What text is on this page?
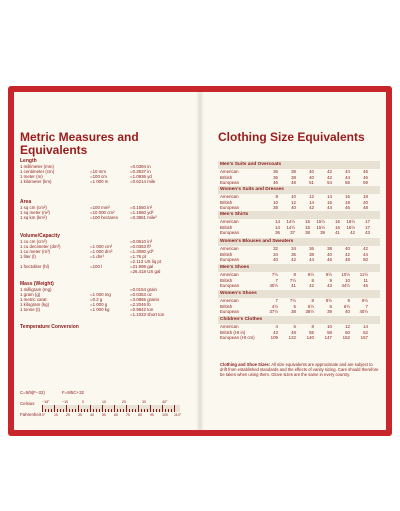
Metric Measures and
Equivalents
Length
1 millimeter (mm)	=0.0394 in
1 centimeter (cm)	=10 mm	=0.3937 in
1 meter (m)	=100 cm	=1.0936 yd
1 kilometer (km)	=1 000 m	=0.6214 mile
Area
1 sq cm (cm²)	=100 mm²	=0.1550 in²
1 sq meter (m²)	=10 000 cm²	=1.1960 yd²
1 sq km (km²)	=100 hectares	=0.3861 mile²
Volume/Capacity
1 cu cm (cm³)	=0.0610 in³
1 cu decimeter (dm³)	=1 000 cm³	=0.0353 ft³
1 cu meter (m³)	=1 000 dm³	=1.3080 yd³
1 liter (l)	=1 dm³	=1.76 pt
=2.113 US liq pt
1 hectoliter (hl)	=100 l	=21.998 gal
=26.418 US gal
Mass (Weight)
1 milligram (mg)	=0.0154 grain
1 gram (g)	=1 000 mg	=0.0353 oz
1 metric carat	=0.2 g	=3.0865 grains
1 kilogram (kg)	=1 000 g	=2.2046 lb
1 tonne (t)	=1 000 kg	=0.9842 ton
=1.1023 short ton
Temperature Conversion
C=5/9(F−32)	F=9/5C+32
Celsius
Fahrenheit
−18°	−10	0	10	20	30	40°
0° 10 20 30 40 50 60 70 80 90 100 110°
Clothing Size Equivalents
Men's Suits and Overcoats
American	36	38	40	42	44	46
British	36	38	40	42	44	46
European	46	48	51	54	56	59
Women's Suits and Dresses
American	8	10	12	14	16	18
British	10	12	14	16	18	20
European	38	40	42	44	46	48
Men's Shirts
American	14	14½	15	15½	16	16½	17
British	14	14½	15	15½	16	16½	17
European	36	37	38	39	41	42	43
Women's Blouses and Sweaters
American	32	34	36	38	40	42
British	34	36	38	40	42	44
European	40	42	44	46	48	50
Men's Shoes
American	7½	8	8½	9½	10½	11½
British	7	7½	8	9	10	11
European	40½	41	42	43	44½	46
Women's Shoes
American	7	7½	8	8½	9	9½
British	4½	5	5½	6	6½	7
European	37½	38	38½	39	40	40½
Children's Clothes
American	4	6	8	10	12	14
British (Ht in)	43	48	55	58	60	62
European (Ht cm)	109	122	140	147	152	157
Clothing and Shoe Sizes: All size equivalents are approximate and are subject to drift from established standards and the effects of vanity sizing. Care should therefore be taken when using them. Glove sizes are the same in every country.
